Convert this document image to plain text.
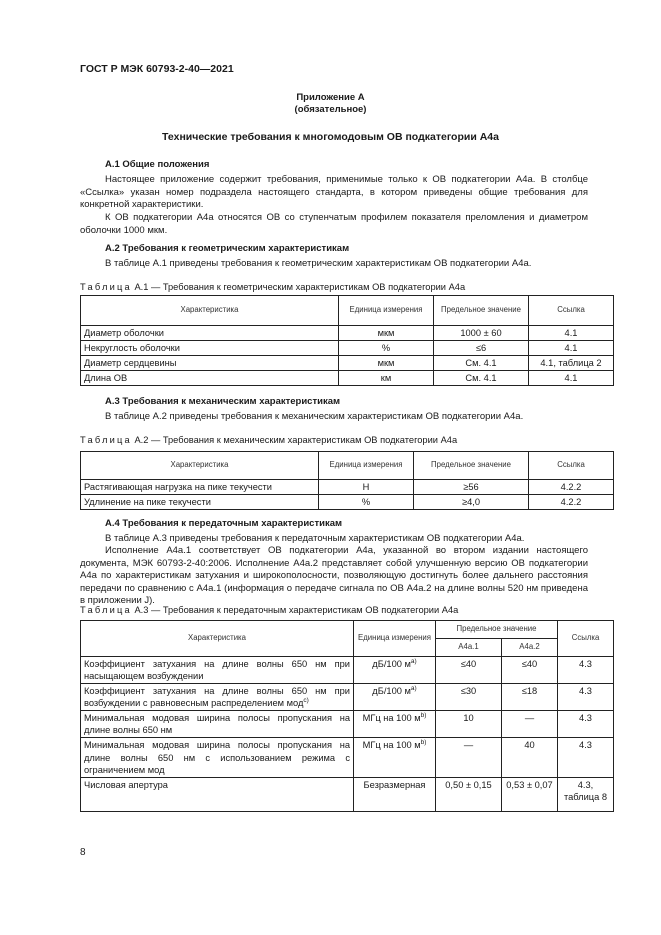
ГОСТ Р МЭК 60793-2-40—2021
Приложение А
(обязательное)
Технические требования к многомодовым ОВ подкатегории А4а
А.1 Общие положения
Настоящее приложение содержит требования, применимые только к ОВ подкатегории А4а. В столбце «Ссылка» указан номер подраздела настоящего стандарта, в котором приведены общие требования для конкретной характеристики.
К ОВ подкатегории А4а относятся ОВ со ступенчатым профилем показателя преломления и диаметром оболочки 1000 мкм.
А.2 Требования к геометрическим характеристикам
В таблице А.1 приведены требования к геометрическим характеристикам ОВ подкатегории А4а.
Таблица А.1 — Требования к геометрическим характеристикам ОВ подкатегории А4а
Характеристика	Единица измерения	Предельное значение	Ссылка
Диаметр оболочки	мкм	1000 ± 60	4.1
Некруглость оболочки	%	≤6	4.1
Диаметр сердцевины	мкм	См. 4.1	4.1, таблица 2
Длина ОВ	км	См. 4.1	4.1
А.3 Требования к механическим характеристикам
В таблице А.2 приведены требования к механическим характеристикам ОВ подкатегории А4а.
Таблица А.2 — Требования к механическим характеристикам ОВ подкатегории А4а
Характеристика	Единица измерения	Предельное значение	Ссылка
Растягивающая нагрузка на пике текучести	Н	≥56	4.2.2
Удлинение на пике текучести	%	≥4,0	4.2.2
А.4 Требования к передаточным характеристикам
В таблице А.3 приведены требования к передаточным характеристикам ОВ подкатегории А4а.
Исполнение А4а.1 соответствует ОВ подкатегории А4а, указанной во втором издании настоящего документа, МЭК 60793-2-40:2006. Исполнение А4а.2 представляет собой улучшенную версию ОВ подкатегории А4а по характеристикам затухания и широкополосности, позволяющую достигнуть более дальнего расстояния передачи по сравнению с А4а.1 (информация о передаче сигнала по ОВ А4а.2 на длине волны 520 нм приведена в приложении J).
Таблица А.3 — Требования к передаточным характеристикам ОВ подкатегории А4а
Характеристика	Единица измерения	Предельное значение		Ссылка
		А4а.1	А4а.2	
Коэффициент затухания на длине волны 650 нм при насыщающем возбуждении	дБ/100 $м^{a)}$	≤40	≤40	4.3
Коэффициент затухания на длине волны 650 нм при возбуждении с равновесным распределением мод$^{c)}$	дБ/100 $м^{a)}$	≤30	≤18	4.3
Минимальная модовая ширина полосы пропускания на длине волны 650 нм	МГц на 100 $м^{b)}$	10	—	4.3
Минимальная модовая ширина полосы пропускания на длине волны 650 нм с использованием режима с ограничением мод	МГц на 100 $м^{b)}$	—	40	4.3
Числовая апертура	Безразмерная	0,50 ± 0,15	0,53 ± 0,07	4.3, таблица 8
8
